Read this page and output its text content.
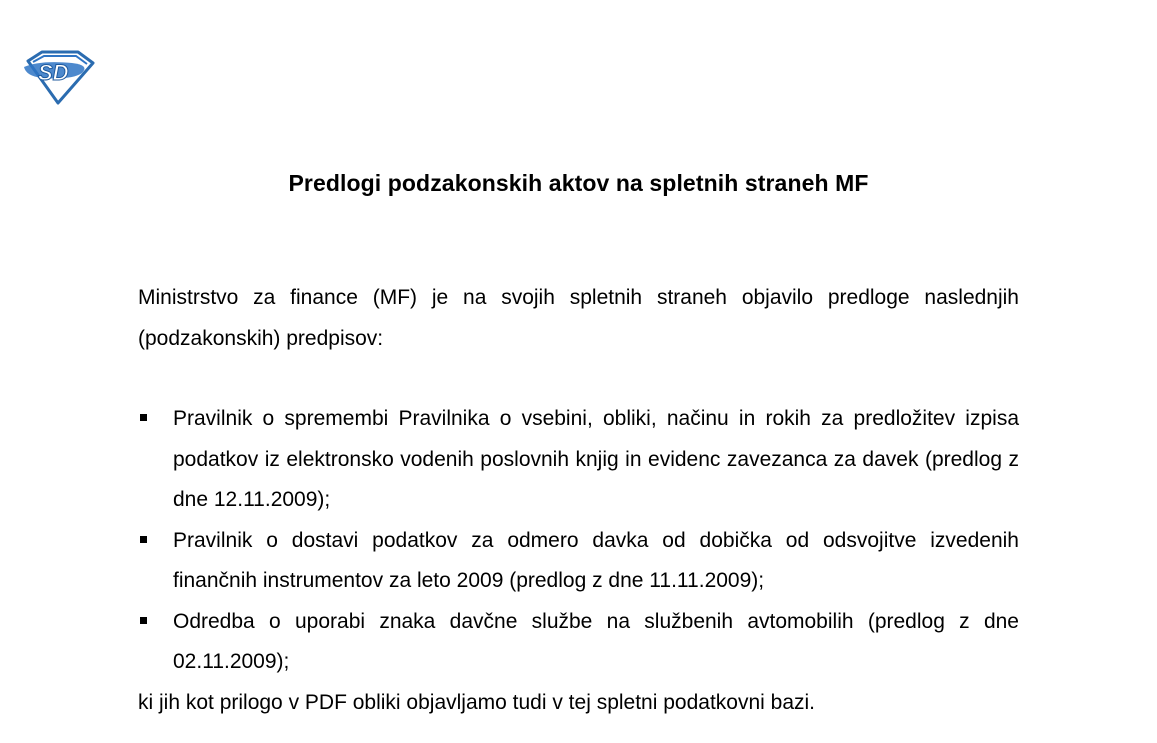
SD
Predlogi podzakonskih aktov na spletnih straneh MF

Ministrstvo za finance (MF) je na svojih spletnih straneh objavilo predloge naslednjih (podzakonskih) predpisov:

Pravilnik o spremembi Pravilnika o vsebini, obliki, načinu in rokih za predložitev izpisa podatkov iz elektronsko vodenih poslovnih knjig in evidenc zavezanca za davek (predlog z dne 12.11.2009);
Pravilnik o dostavi podatkov za odmero davka od dobička od odsvojitve izvedenih finančnih instrumentov za leto 2009 (predlog z dne 11.11.2009);
Odredba o uporabi znaka davčne službe na službenih avtomobilih (predlog z dne 02.11.2009);

ki jih kot prilogo v PDF obliki objavljamo tudi v tej spletni podatkovni bazi.
